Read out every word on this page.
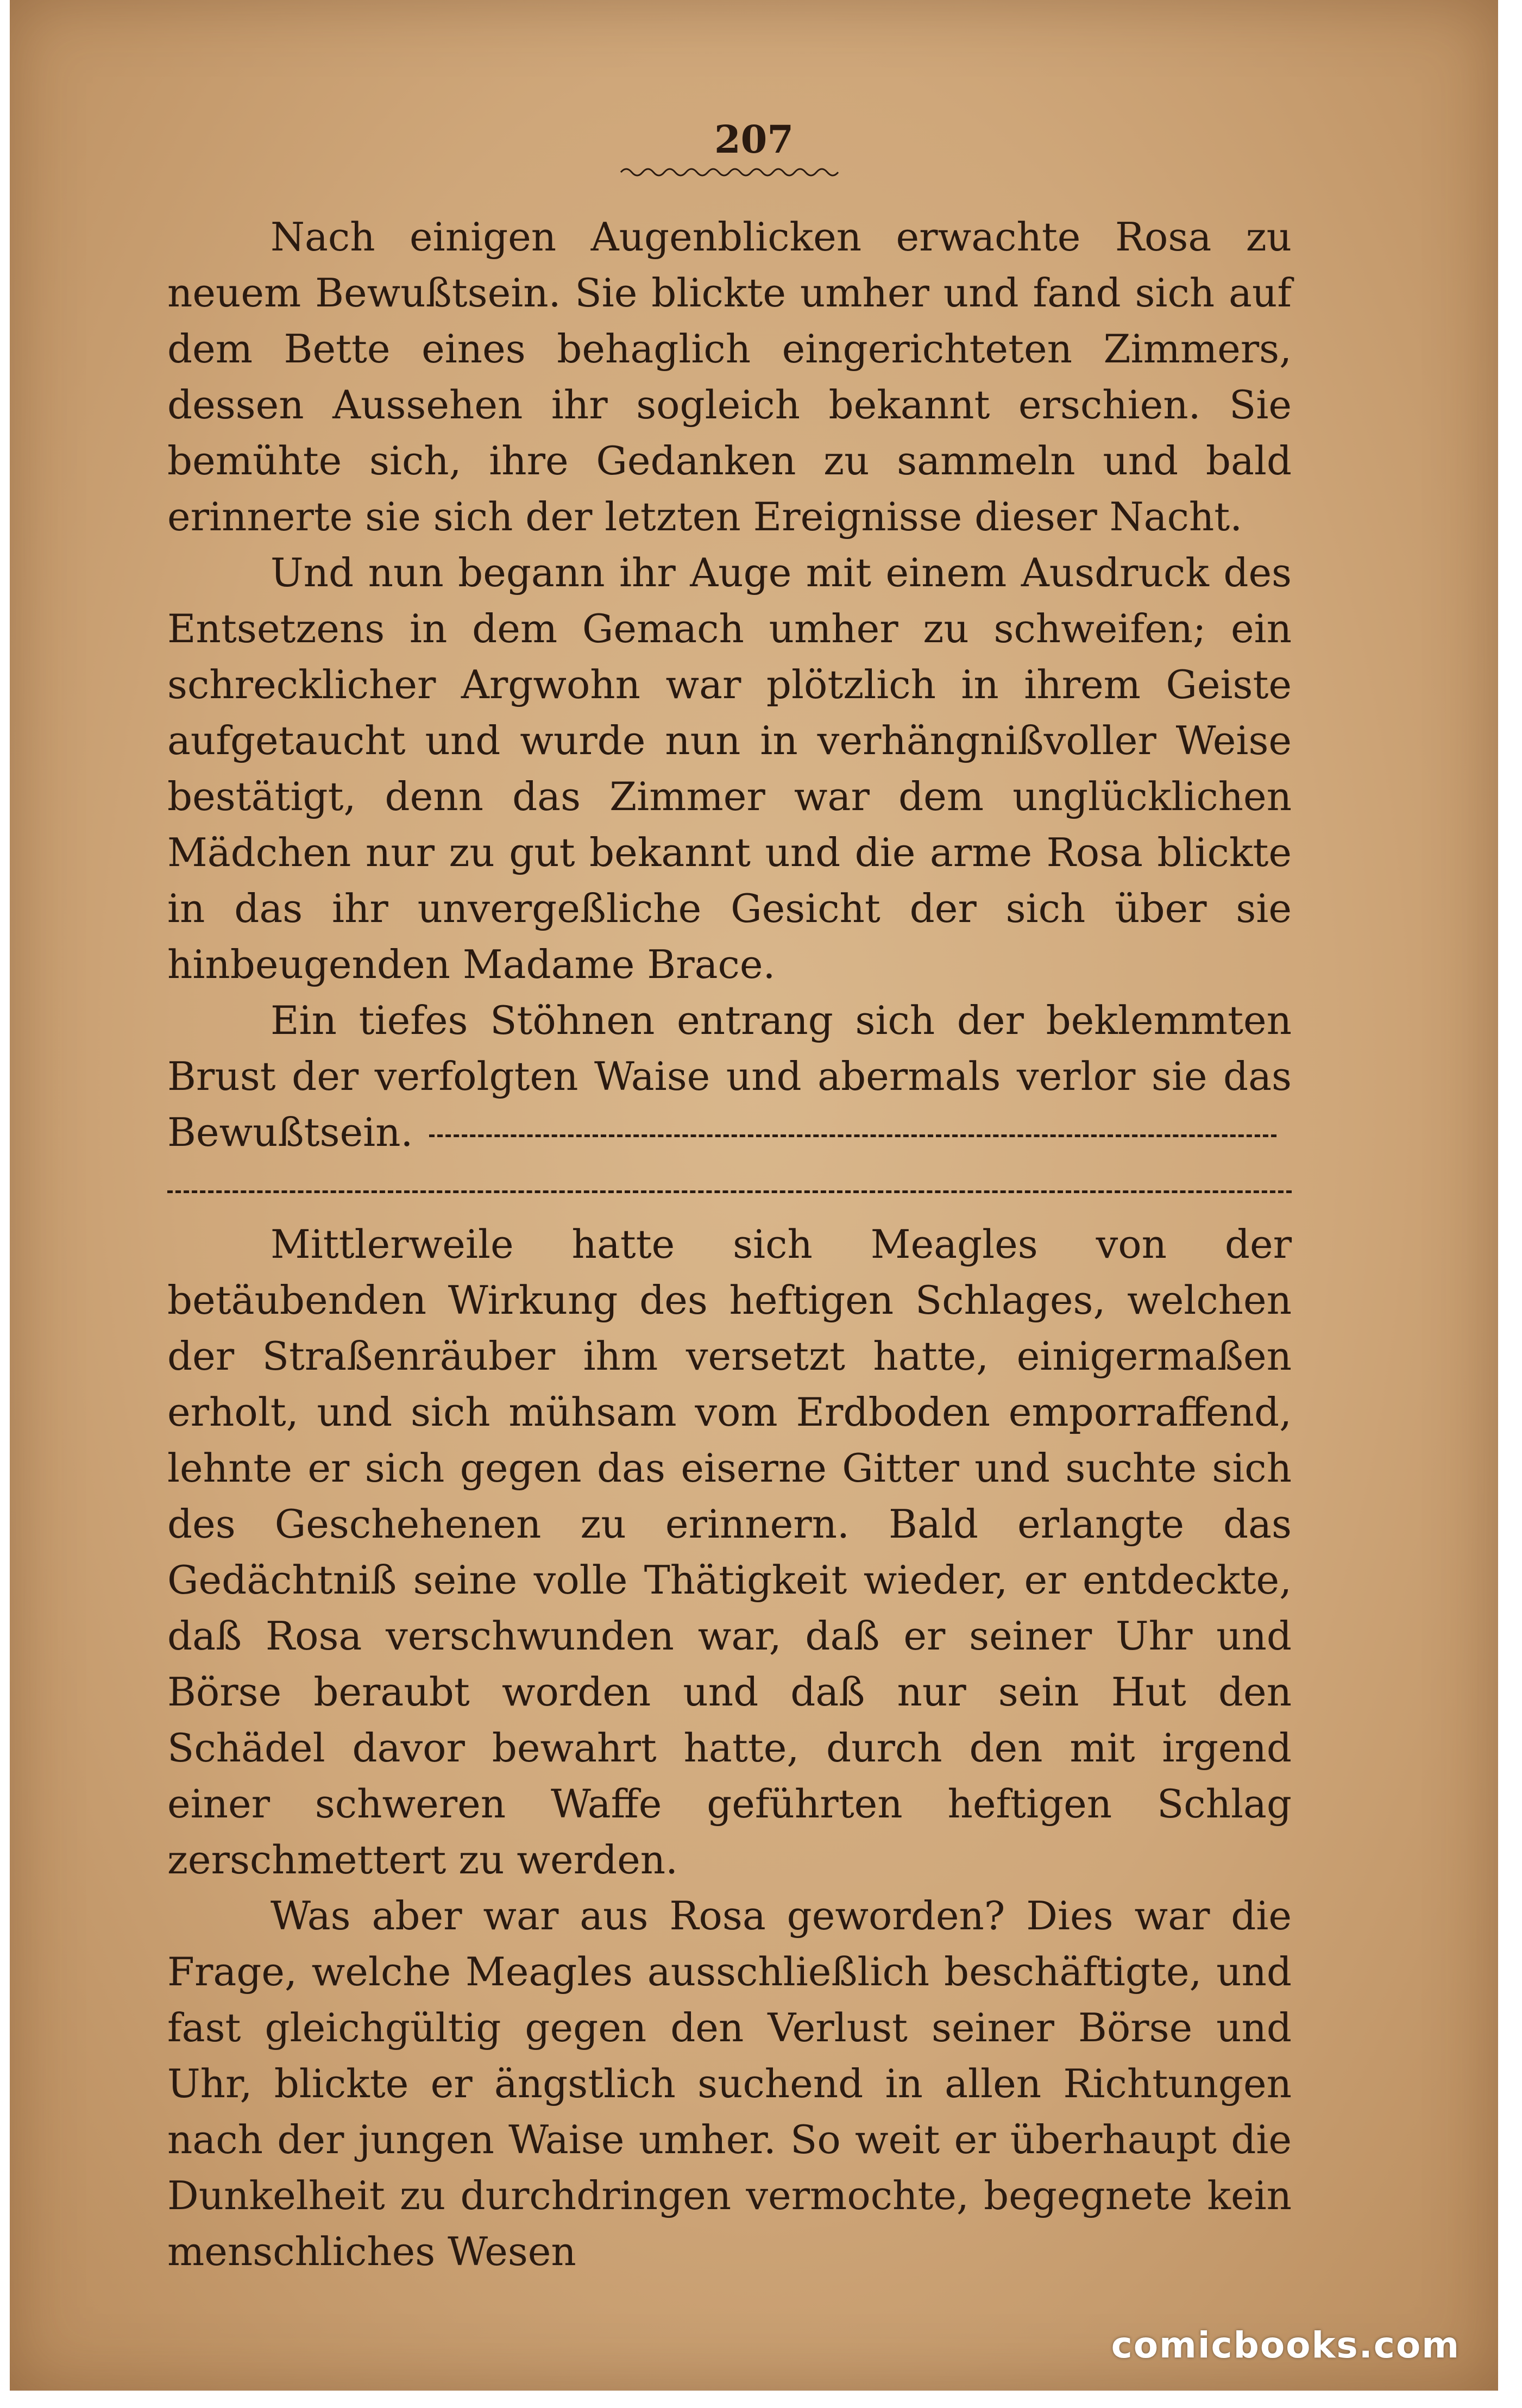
207

Nach einigen Augenblicken erwachte Rosa zu neuem Bewußtsein. Sie blickte umher und fand sich auf dem Bette eines behaglich eingerichteten Zimmers, dessen Aussehen ihr sogleich bekannt erschien. Sie bemühte sich, ihre Gedanken zu sammeln und bald erinnerte sie sich der letzten Ereignisse dieser Nacht.

Und nun begann ihr Auge mit einem Ausdruck des Entsetzens in dem Gemach umher zu schweifen; ein schrecklicher Argwohn war plötzlich in ihrem Geiste aufgetaucht und wurde nun in verhängnißvoller Weise bestätigt, denn das Zimmer war dem unglücklichen Mädchen nur zu gut bekannt und die arme Rosa blickte in das ihr unvergeßliche Gesicht der sich über sie hinbeugenden Madame Brace.

Ein tiefes Stöhnen entrang sich der beklemmten Brust der verfolgten Waise und abermals verlor sie das Bewußtsein.

Mittlerweile hatte sich Meagles von der betäubenden Wirkung des heftigen Schlages, welchen der Straßenräuber ihm versetzt hatte, einigermaßen erholt, und sich mühsam vom Erdboden emporraffend, lehnte er sich gegen das eiserne Gitter und suchte sich des Geschehenen zu erinnern. Bald erlangte das Gedächtniß seine volle Thätigkeit wieder, er entdeckte, daß Rosa verschwunden war, daß er seiner Uhr und Börse beraubt worden und daß nur sein Hut den Schädel davor bewahrt hatte, durch den mit irgend einer schweren Waffe geführten heftigen Schlag zerschmettert zu werden.

Was aber war aus Rosa geworden? Dies war die Frage, welche Meagles ausschließlich beschäftigte, und fast gleichgültig gegen den Verlust seiner Börse und Uhr, blickte er ängstlich suchend in allen Richtungen nach der jungen Waise umher. So weit er überhaupt die Dunkelheit zu durchdringen vermochte, begegnete kein menschliches Wesen

comicbooks.com
